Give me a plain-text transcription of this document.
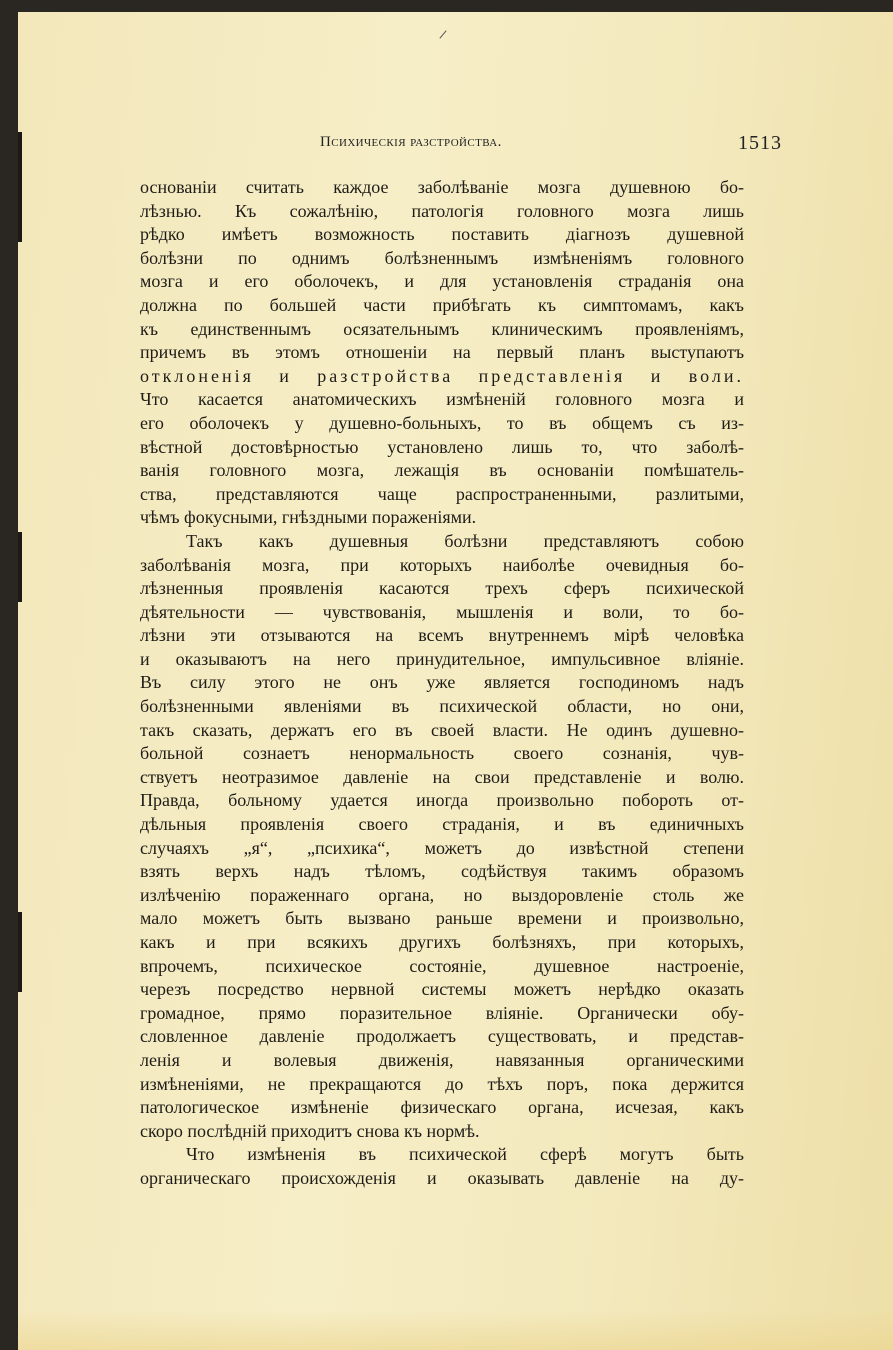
Психическія разстройства.	1513

основаніи считать каждое заболѣваніе мозга душевною бо-

лѣзнью. Къ сожалѣнію, патологія головного мозга лишь

рѣдко имѣетъ возможность поставить діагнозъ душевной

болѣзни по однимъ болѣзненнымъ измѣненіямъ головного

мозга и его оболочекъ, и для установленія страданія она

должна по большей части прибѣгать къ симптомамъ, какъ

къ единственнымъ осязательнымъ клиническимъ проявленіямъ,

причемъ въ этомъ отношеніи на первый планъ выступаютъ

отклоненія и разстройства представленія и воли.

Что касается анатомическихъ измѣненій головного мозга и

его оболочекъ у душевно-больныхъ, то въ общемъ съ из-

вѣстной достовѣрностью установлено лишь то, что заболѣ-

ванія головного мозга, лежащія въ основаніи помѣшатель-

ства, представляются чаще распространенными, разлитыми,

чѣмъ фокусными, гнѣздными пораженіями.

Такъ какъ душевныя болѣзни представляютъ собою

заболѣванія мозга, при которыхъ наиболѣе очевидныя бо-

лѣзненныя проявленія касаются трехъ сферъ психической

дѣятельности — чувствованія, мышленія и воли, то бо-

лѣзни эти отзываются на всемъ внутреннемъ мірѣ человѣка

и оказываютъ на него принудительное, импульсивное вліяніе.

Въ силу этого не онъ уже является господиномъ надъ

болѣзненными явленіями въ психической области, но они,

такъ сказать, держатъ его въ своей власти. Не одинъ душевно-

больной сознаетъ ненормальность своего сознанія, чув-

ствуетъ неотразимое давленіе на свои представленіе и волю.

Правда, больному удается иногда произвольно побороть от-

дѣльныя проявленія своего страданія, и въ единичныхъ

случаяхъ „я“, „психика“, можетъ до извѣстной степени

взять верхъ надъ тѣломъ, содѣйствуя такимъ образомъ

излѣченію пораженнаго органа, но выздоровленіе столь же

мало можетъ быть вызвано раньше времени и произвольно,

какъ и при всякихъ другихъ болѣзняхъ, при которыхъ,

впрочемъ, психическое состояніе, душевное настроеніе,

черезъ посредство нервной системы можетъ нерѣдко оказать

громадное, прямо поразительное вліяніе. Органически обу-

словленное давленіе продолжаетъ существовать, и представ-

ленія и волевыя движенія, навязанныя органическими

измѣненіями, не прекращаются до тѣхъ поръ, пока держится

патологическое измѣненіе физическаго органа, исчезая, какъ

скоро послѣдній приходитъ снова къ нормѣ.

Что измѣненія въ психической сферѣ могутъ быть

органическаго происхожденія и оказывать давленіе на ду-
